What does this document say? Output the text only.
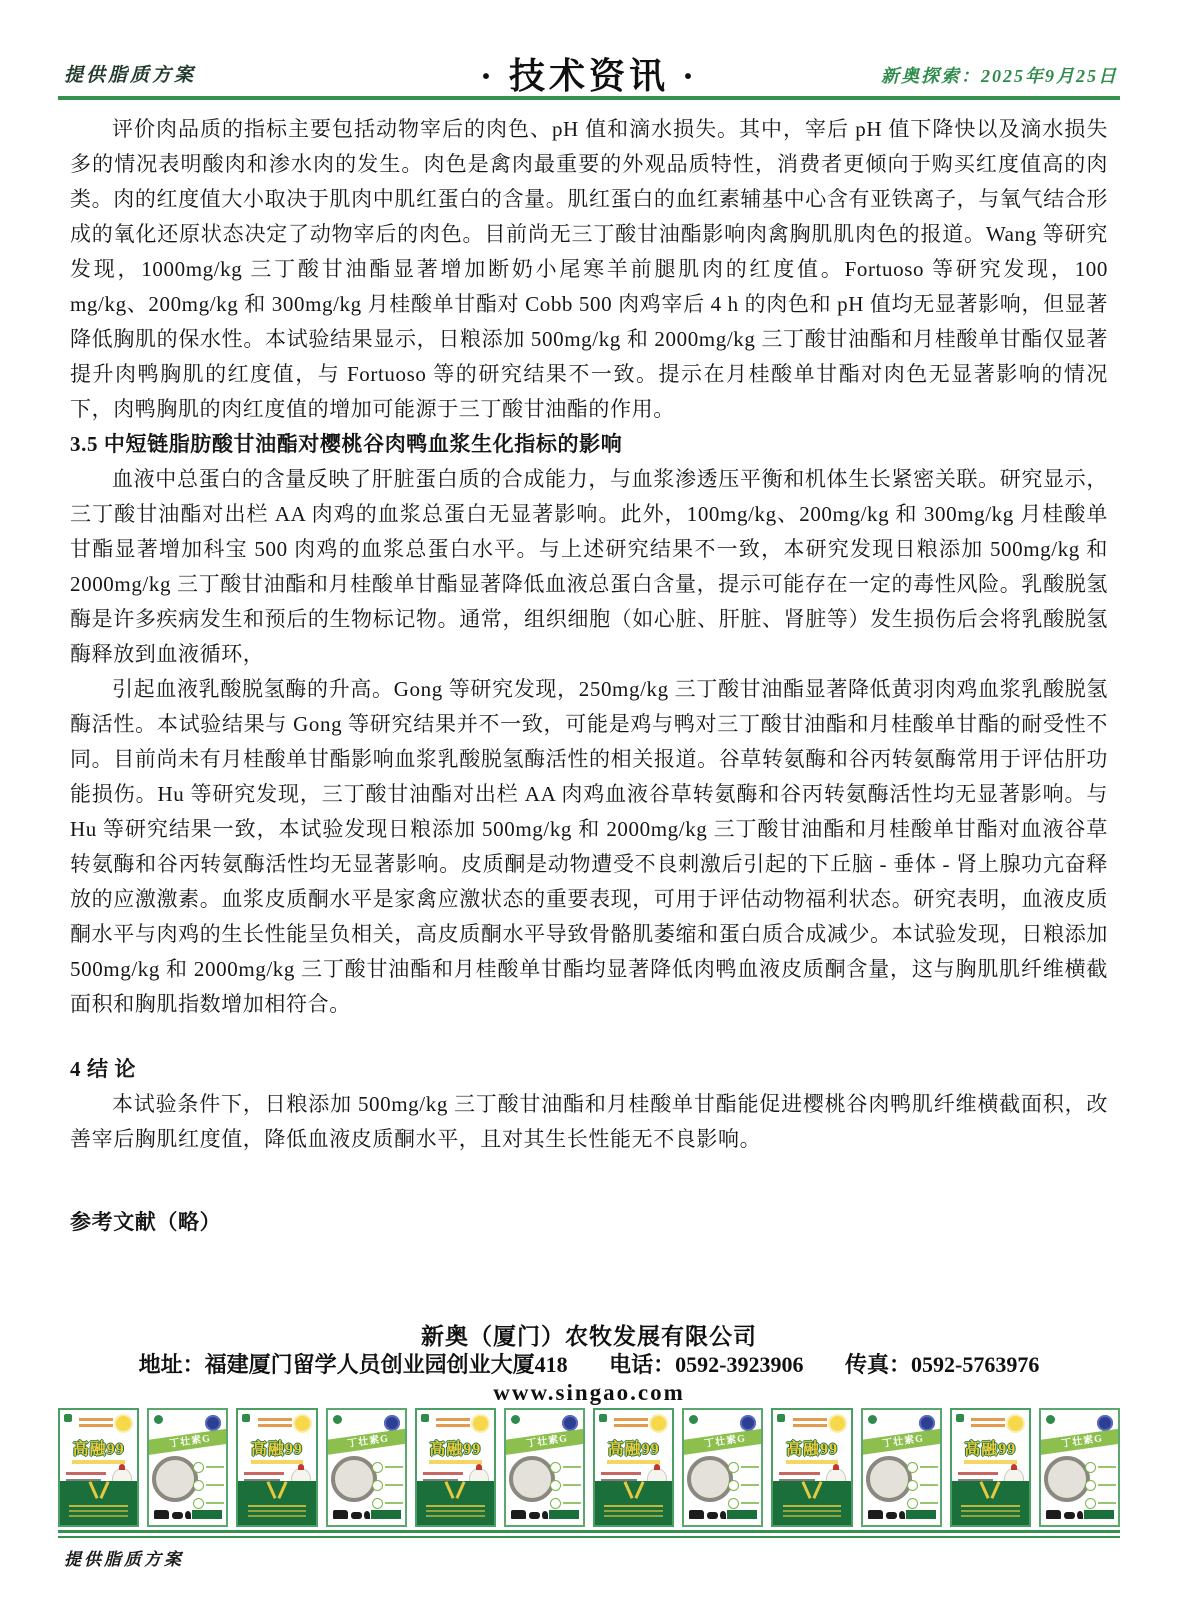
提供脂质方案	· 技术资讯 ·	新奥探索：2025年9月25日

评价肉品质的指标主要包括动物宰后的肉色、pH 值和滴水损失。其中，宰后 pH 值下降快以及滴水损失多的情况表明酸肉和渗水肉的发生。肉色是禽肉最重要的外观品质特性，消费者更倾向于购买红度值高的肉类。肉的红度值大小取决于肌肉中肌红蛋白的含量。肌红蛋白的血红素辅基中心含有亚铁离子，与氧气结合形成的氧化还原状态决定了动物宰后的肉色。目前尚无三丁酸甘油酯影响肉禽胸肌肌肉色的报道。Wang 等研究发现，1000mg/kg 三丁酸甘油酯显著增加断奶小尾寒羊前腿肌肉的红度值。Fortuoso 等研究发现，100 mg/kg、200mg/kg 和 300mg/kg 月桂酸单甘酯对 Cobb 500 肉鸡宰后 4 h 的肉色和 pH 值均无显著影响，但显著降低胸肌的保水性。本试验结果显示，日粮添加 500mg/kg 和 2000mg/kg 三丁酸甘油酯和月桂酸单甘酯仅显著提升肉鸭胸肌的红度值，与 Fortuoso 等的研究结果不一致。提示在月桂酸单甘酯对肉色无显著影响的情况下，肉鸭胸肌的肉红度值的增加可能源于三丁酸甘油酯的作用。

3.5 中短链脂肪酸甘油酯对樱桃谷肉鸭血浆生化指标的影响

血液中总蛋白的含量反映了肝脏蛋白质的合成能力，与血浆渗透压平衡和机体生长紧密关联。研究显示，三丁酸甘油酯对出栏 AA 肉鸡的血浆总蛋白无显著影响。此外，100mg/kg、200mg/kg 和 300mg/kg 月桂酸单甘酯显著增加科宝 500 肉鸡的血浆总蛋白水平。与上述研究结果不一致，本研究发现日粮添加 500mg/kg 和 2000mg/kg 三丁酸甘油酯和月桂酸单甘酯显著降低血液总蛋白含量，提示可能存在一定的毒性风险。乳酸脱氢酶是许多疾病发生和预后的生物标记物。通常，组织细胞（如心脏、肝脏、肾脏等）发生损伤后会将乳酸脱氢酶释放到血液循环，

引起血液乳酸脱氢酶的升高。Gong 等研究发现，250mg/kg 三丁酸甘油酯显著降低黄羽肉鸡血浆乳酸脱氢酶活性。本试验结果与 Gong 等研究结果并不一致，可能是鸡与鸭对三丁酸甘油酯和月桂酸单甘酯的耐受性不同。目前尚未有月桂酸单甘酯影响血浆乳酸脱氢酶活性的相关报道。谷草转氨酶和谷丙转氨酶常用于评估肝功能损伤。Hu 等研究发现，三丁酸甘油酯对出栏 AA 肉鸡血液谷草转氨酶和谷丙转氨酶活性均无显著影响。与 Hu 等研究结果一致，本试验发现日粮添加 500mg/kg 和 2000mg/kg 三丁酸甘油酯和月桂酸单甘酯对血液谷草转氨酶和谷丙转氨酶活性均无显著影响。皮质酮是动物遭受不良刺激后引起的下丘脑 - 垂体 - 肾上腺功亢奋释放的应激激素。血浆皮质酮水平是家禽应激状态的重要表现，可用于评估动物福利状态。研究表明，血液皮质酮水平与肉鸡的生长性能呈负相关，高皮质酮水平导致骨骼肌萎缩和蛋白质合成减少。本试验发现，日粮添加 500mg/kg 和 2000mg/kg 三丁酸甘油酯和月桂酸单甘酯均显著降低肉鸭血液皮质酮含量，这与胸肌肌纤维横截面积和胸肌指数增加相符合。

4 结 论

本试验条件下，日粮添加 500mg/kg 三丁酸甘油酯和月桂酸单甘酯能促进樱桃谷肉鸭肌纤维横截面积，改善宰后胸肌红度值，降低血液皮质酮水平，且对其生长性能无不良影响。

参考文献（略）
新奥（厦门）农牧发展有限公司
地址：福建厦门留学人员创业园创业大厦418 电话：0592-3923906 传真：0592-5763976
www.singao.com
高融99	丁壮素G	高融99	丁壮素G	高融99	丁壮素G	高融99	丁壮素G	高融99	丁壮素G	高融99	丁壮素G
提供脂质方案
